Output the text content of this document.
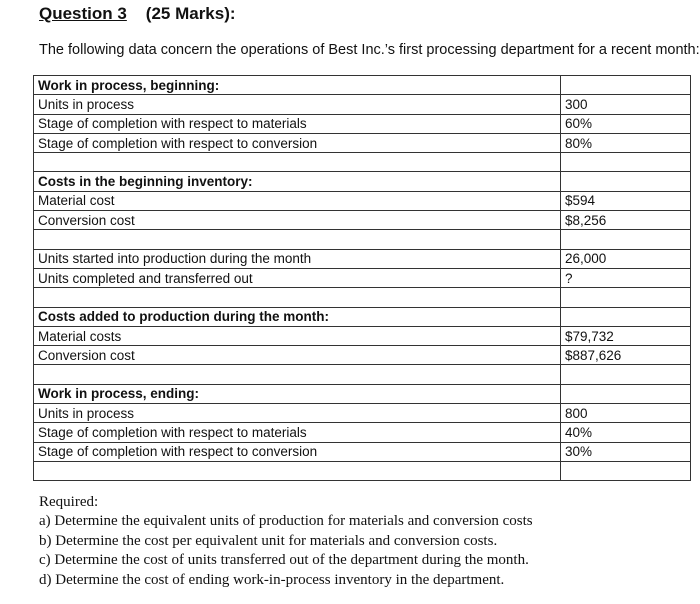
Question 3 (25 Marks):
The following data concern the operations of Best Inc.’s first processing department for a recent month:
Work in process, beginning:	
Units in process	300
Stage of completion with respect to materials	60%
Stage of completion with respect to conversion	80%

Costs in the beginning inventory:	
Material cost	$594
Conversion cost	$8,256

Units started into production during the month	26,000
Units completed and transferred out	?

Costs added to production during the month:	
Material costs	$79,732
Conversion cost	$887,626

Work in process, ending:	
Units in process	800
Stage of completion with respect to materials	40%
Stage of completion with respect to conversion	30%

Required:
a) Determine the equivalent units of production for materials and conversion costs
b) Determine the cost per equivalent unit for materials and conversion costs.
c) Determine the cost of units transferred out of the department during the month.
d) Determine the cost of ending work-in-process inventory in the department.
